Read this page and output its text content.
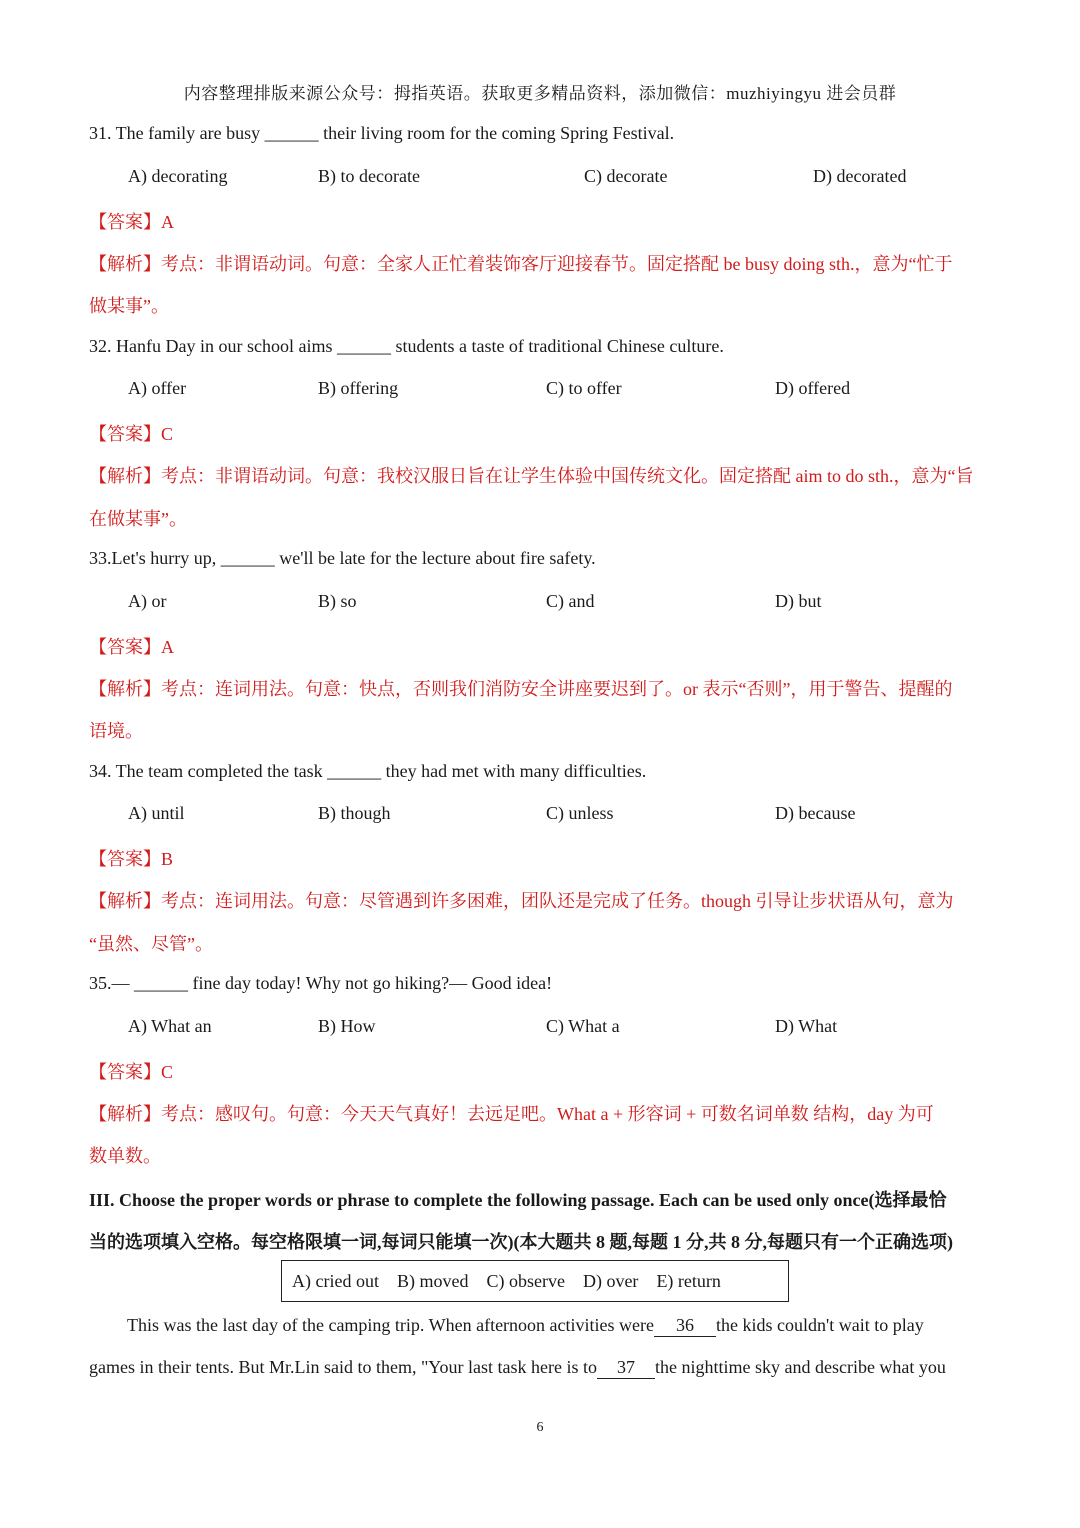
内容整理排版来源公众号：拇指英语。获取更多精品资料，添加微信：muzhiyingyu 进会员群
31. The family are busy ______ their living room for the coming Spring Festival.
A) decorating	B) to decorate	C) decorate	D) decorated
【答案】A
【解析】考点：非谓语动词。句意：全家人正忙着装饰客厅迎接春节。固定搭配 be busy doing sth.，意为“忙于
做某事”。
32. Hanfu Day in our school aims ______ students a taste of traditional Chinese culture.
A) offer	B) offering	C) to offer	D) offered
【答案】C
【解析】考点：非谓语动词。句意：我校汉服日旨在让学生体验中国传统文化。固定搭配 aim to do sth.，意为“旨
在做某事”。
33.Let's hurry up, ______ we'll be late for the lecture about fire safety.
A) or	B) so	C) and	D) but
【答案】A
【解析】考点：连词用法。句意：快点，否则我们消防安全讲座要迟到了。or 表示“否则”，用于警告、提醒的
语境。
34. The team completed the task ______ they had met with many difficulties.
A) until	B) though	C) unless	D) because
【答案】B
【解析】考点：连词用法。句意：尽管遇到许多困难，团队还是完成了任务。though 引导让步状语从句，意为
“虽然、尽管”。
35.— ______ fine day today! Why not go hiking?— Good idea!
A) What an	B) How	C) What a	D) What
【答案】C
【解析】考点：感叹句。句意：今天天气真好！去远足吧。What a + 形容词 + 可数名词单数 结构，day 为可
数单数。
III. Choose the proper words or phrase to complete the following passage. Each can be used only once(选择最恰
当的选项填入空格。每空格限填一词,每词只能填一次)(本大题共 8 题,每题 1 分,共 8 分,每题只有一个正确选项)
A) cried out B) moved C) observe D) over E) return
This was the last day of the camping trip. When afternoon activities were 36 the kids couldn't wait to play
games in their tents. But Mr.Lin said to them, "Your last task here is to 37 the nighttime sky and describe what you
6
